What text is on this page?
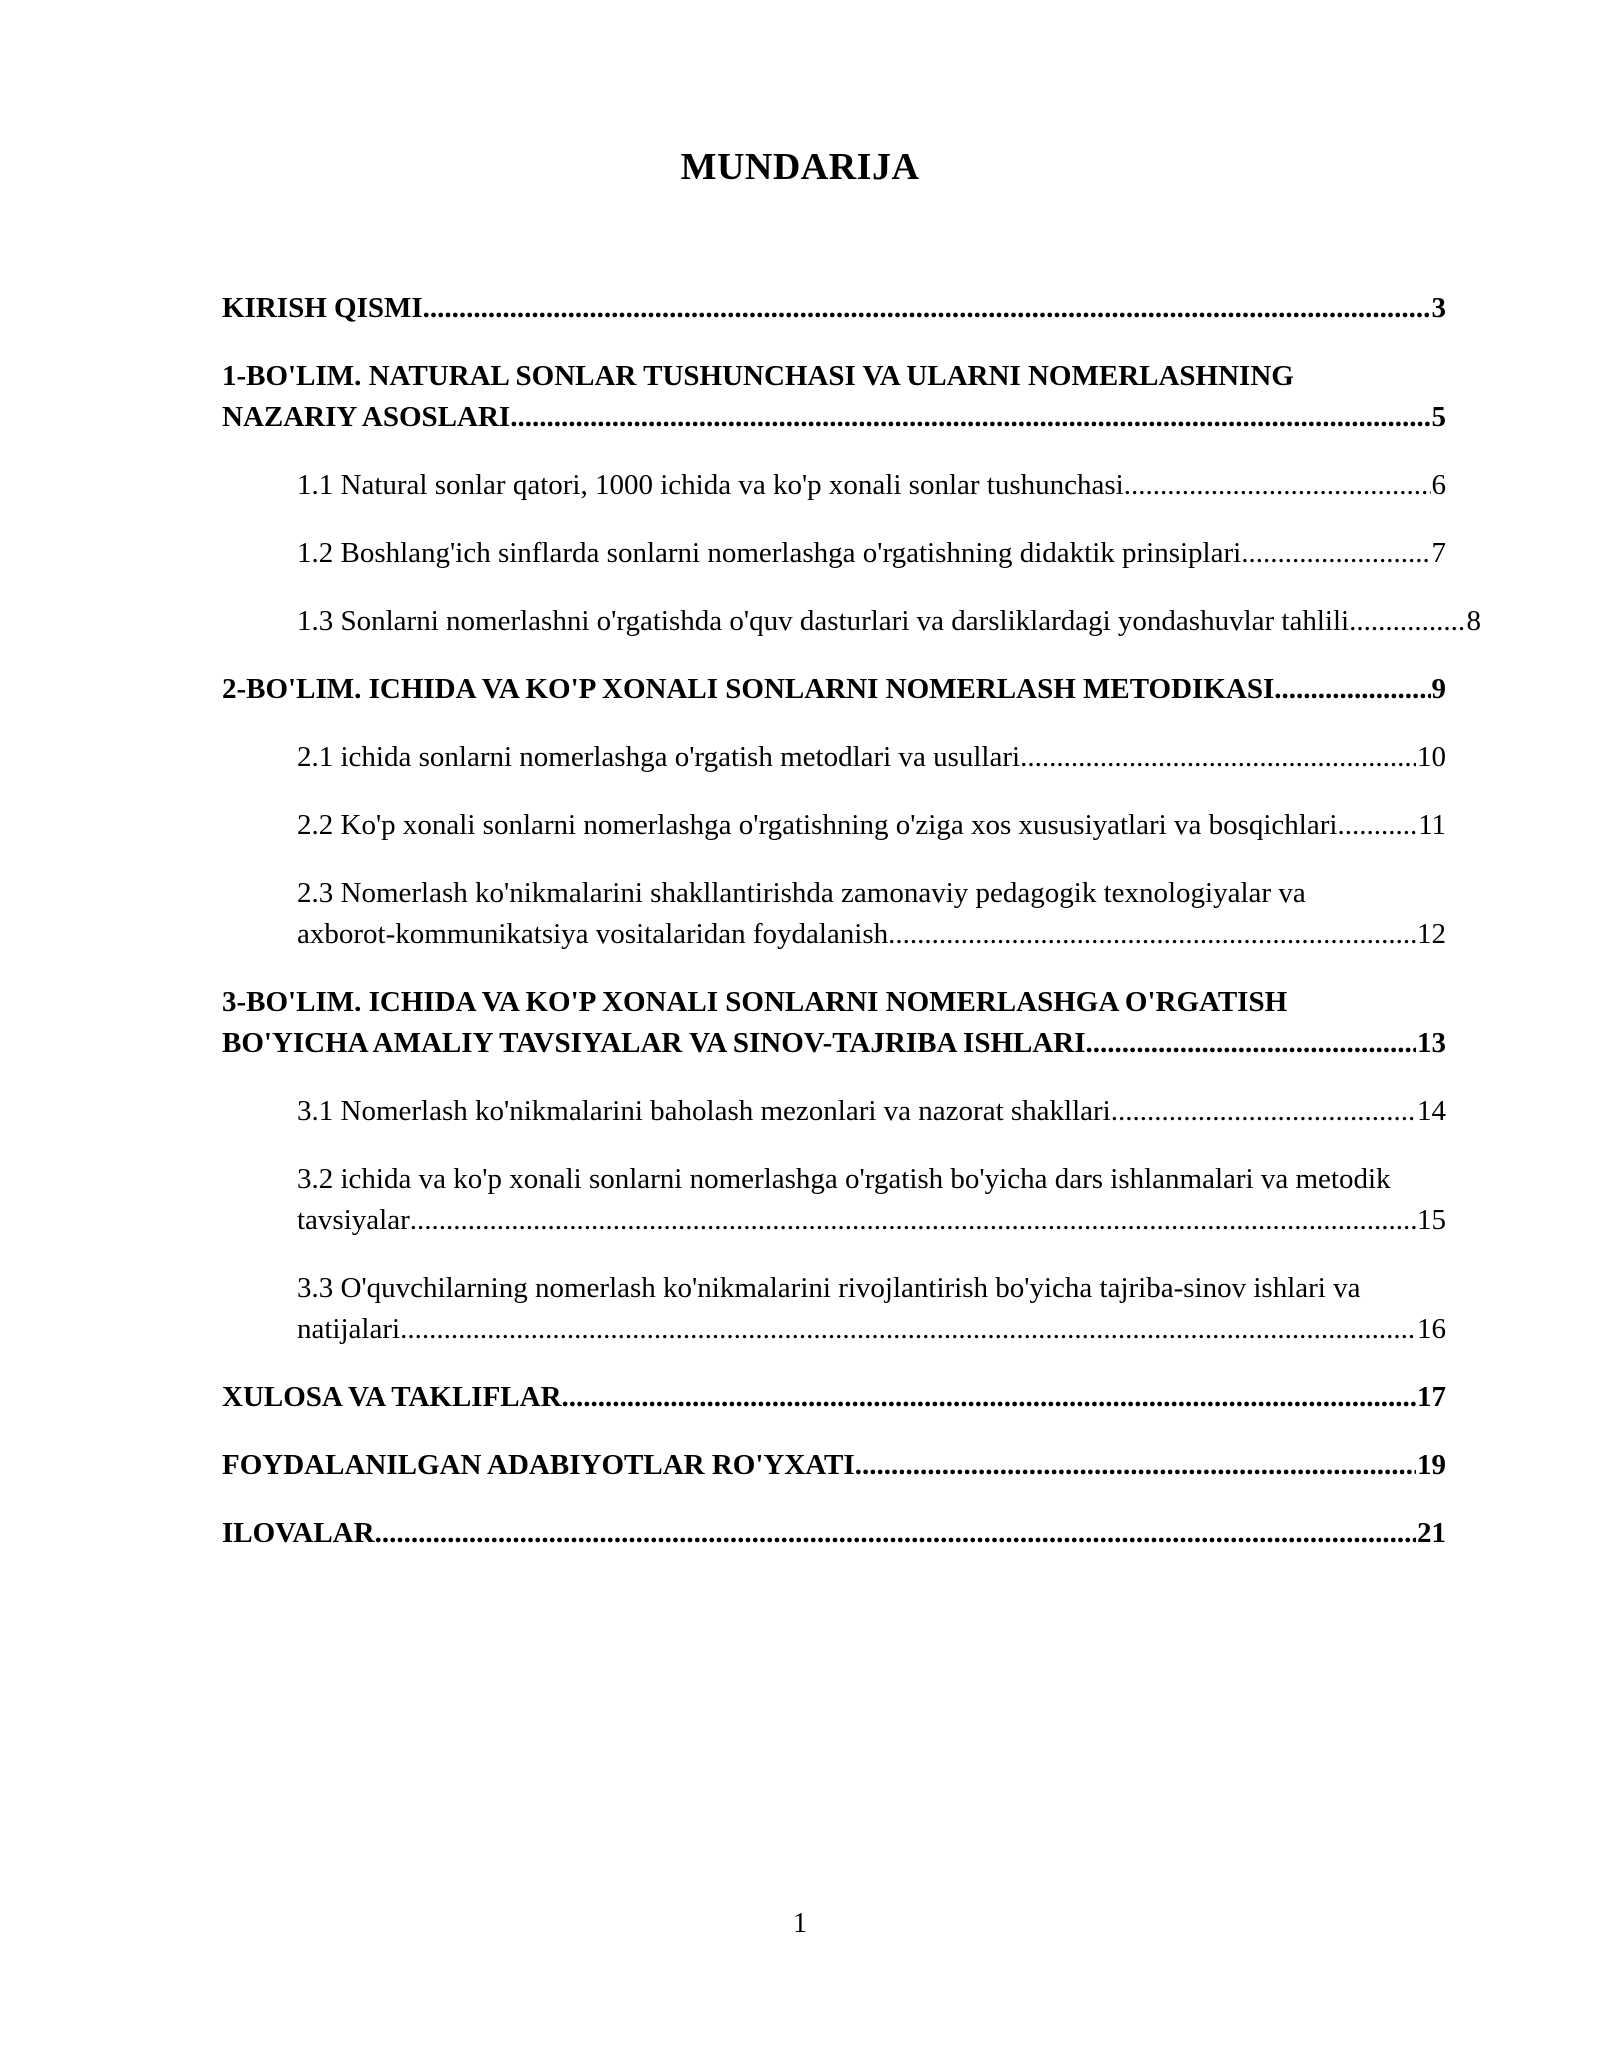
MUNDARIJA
KIRISH QISMI .....	3
1-BO'LIM. NATURAL SONLAR TUSHUNCHASI VA ULARNI NOMERLASHNING
NAZARIY ASOSLARI .....	5
1.1 Natural sonlar qatori, 1000 ichida va ko'p xonali sonlar tushunchasi .....	6
1.2 Boshlang'ich sinflarda sonlarni nomerlashga o'rgatishning didaktik prinsiplari .....	7
1.3 Sonlarni nomerlashni o'rgatishda o'quv dasturlari va darsliklardagi yondashuvlar tahlili .....	8
2-BO'LIM. ICHIDA VA KO'P XONALI SONLARNI NOMERLASH METODIKASI .....	9
2.1 ichida sonlarni nomerlashga o'rgatish metodlari va usullari .....	10
2.2 Ko'p xonali sonlarni nomerlashga o'rgatishning o'ziga xos xususiyatlari va bosqichlari .....	11
2.3 Nomerlash ko'nikmalarini shakllantirishda zamonaviy pedagogik texnologiyalar va
axborot-kommunikatsiya vositalaridan foydalanish .....	12
3-BO'LIM. ICHIDA VA KO'P XONALI SONLARNI NOMERLASHGA O'RGATISH
BO'YICHA AMALIY TAVSIYALAR VA SINOV-TAJRIBA ISHLARI .....	13
3.1 Nomerlash ko'nikmalarini baholash mezonlari va nazorat shakllari .....	14
3.2 ichida va ko'p xonali sonlarni nomerlashga o'rgatish bo'yicha dars ishlanmalari va metodik
tavsiyalar .....	15
3.3 O'quvchilarning nomerlash ko'nikmalarini rivojlantirish bo'yicha tajriba-sinov ishlari va
natijalari .....	16
XULOSA VA TAKLIFLAR .....	17
FOYDALANILGAN ADABIYOTLAR RO'YXATI .....	19
ILOVALAR .....	21
1
